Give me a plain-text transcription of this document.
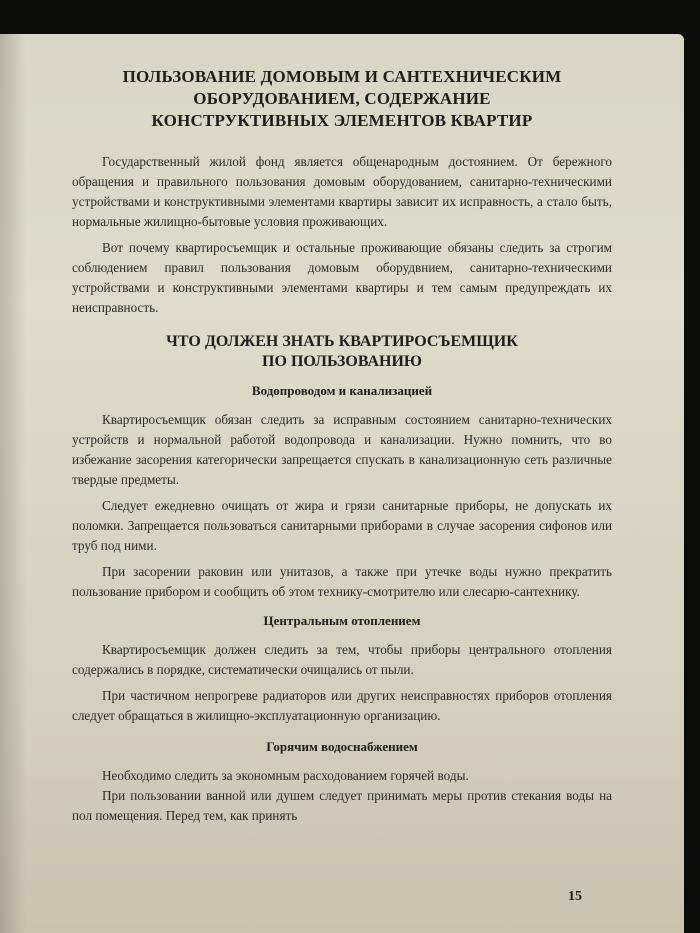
ПОЛЬЗОВАНИЕ ДОМОВЫМ И САНТЕХНИЧЕСКИМ ОБОРУДОВАНИЕМ, СОДЕРЖАНИЕ КОНСТРУКТИВНЫХ ЭЛЕМЕНТОВ КВАРТИР

Государственный жилой фонд является общенародным достоянием. От бережного обращения и правильного пользования домовым оборудованием, санитарно-техническими устройствами и конструктивными элементами квартиры зависит их исправность, а стало быть, нормальные жилищно-бытовые условия проживающих.

Вот почему квартиросъемщик и остальные проживающие обязаны следить за строгим соблюдением правил пользования домовым оборудвнием, санитарно-техническими устройствами и конструктивными элементами квартиры и тем самым предупреждать их неисправность.

ЧТО ДОЛЖЕН ЗНАТЬ КВАРТИРОСЪЕМЩИК ПО ПОЛЬЗОВАНИЮ
Водопроводом и канализацией

Квартиросъемщик обязан следить за исправным состоянием санитарно-технических устройств и нормальной работой водопровода и канализации. Нужно помнить, что во избежание засорения категорически запрещается спускать в канализационную сеть различные твердые предметы.

Следует ежедневно очищать от жира и грязи санитарные приборы, не допускать их поломки. Запрещается пользоваться санитарными приборами в случае засорения сифонов или труб под ними.

При засорении раковин или унитазов, а также при утечке воды нужно прекратить пользование прибором и сообщить об этом технику-смотрителю или слесарю-сантехнику.

Центральным отоплением

Квартиросъемщик должен следить за тем, чтобы приборы центрального отопления содержались в порядке, систематически очищались от пыли.

При частичном непрогреве радиаторов или других неисправностях приборов отопления следует обращаться в жилищно-эксплуатационную организацию.

Горячим водоснабжением

Необходимо следить за экономным расходованием горячей воды.

При пользовании ванной или душем следует принимать меры против стекания воды на пол помещения. Перед тем, как принять

15
